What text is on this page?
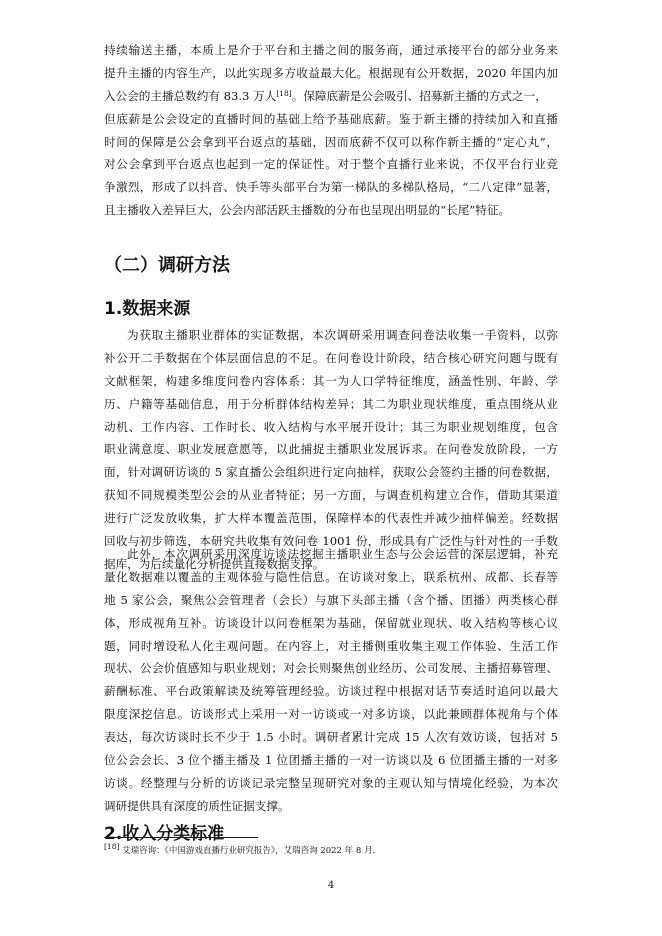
持续输送主播，本质上是介于平台和主播之间的服务商，通过承接平台的部分业务来
提升主播的内容生产，以此实现多方收益最大化。根据现有公开数据，2020 年国内加
入公会的主播总数约有 83.3 万人 [18] 。保障底薪是公会吸引、招募新主播的方式之一，
但底薪是公会设定的直播时间的基础上给予基础底薪。鉴于新主播的持续加入和直播
时间的保障是公会拿到平台返点的基础，因而底薪不仅可以称作新主播的“定心丸”，
对公会拿到平台返点也起到一定的保证性。对于整个直播行业来说，不仅平台行业竞
争激烈，形成了以抖音、快手等头部平台为第一梯队的多梯队格局，“二八定律”显著，
且主播收入差异巨大，公会内部活跃主播数的分布也呈现出明显的“长尾”特征。
（二）调研方法
1.数据来源
为获取主播职业群体的实证数据，本次调研采用调查问卷法收集一手资料，以弥
补公开二手数据在个体层面信息的不足。在问卷设计阶段，结合核心研究问题与既有
文献框架，构建多维度问卷内容体系：其一为人口学特征维度，涵盖性别、年龄、学
历、户籍等基础信息，用于分析群体结构差异；其二为职业现状维度，重点围绕从业
动机、工作内容、工作时长、收入结构与水平展开设计；其三为职业规划维度，包含
职业满意度、职业发展意愿等，以此捕捉主播职业发展诉求。在问卷发放阶段，一方
面，针对调研访谈的 5 家直播公会组织进行定向抽样，获取公会签约主播的问卷数据，
获知不同规模类型公会的从业者特征；另一方面，与调查机构建立合作，借助其渠道
进行广泛发放收集，扩大样本覆盖范围，保障样本的代表性并减少抽样偏差。经数据
回收与初步筛选，本研究共收集有效问卷 1001 份，形成具有广泛性与针对性的一手数
据库，为后续量化分析提供直接数据支撑。
此外，本次调研采用深度访谈法挖掘主播职业生态与公会运营的深层逻辑，补充
量化数据难以覆盖的主观体验与隐性信息。在访谈对象上，联系杭州、成都、长春等
地 5 家公会，聚焦公会管理者（会长）与旗下头部主播（含个播、团播）两类核心群
体，形成视角互补。访谈设计以问卷框架为基础，保留就业现状、收入结构等核心议
题，同时增设私人化主观问题。在内容上，对主播侧重收集主观工作体验、生活工作
现状、公会价值感知与职业规划；对会长则聚焦创业经历、公司发展、主播招募管理、
薪酬标准、平台政策解读及统筹管理经验。访谈过程中根据对话节奏适时追问以最大
限度深挖信息。访谈形式上采用一对一访谈或一对多访谈，以此兼顾群体视角与个体
表达，每次访谈时长不少于 1.5 小时。调研者累计完成 15 人次有效访谈，包括对 5
位公会会长、3 位个播主播及 1 位团播主播的一对一访谈以及 6 位团播主播的一对多
访谈。经整理与分析的访谈记录完整呈现研究对象的主观认知与情境化经验，为本次
调研提供具有深度的质性证据支撑。
2.收入分类标准
[18] 艾瑞咨询：《中国游戏直播行业研究报告》，艾瑞咨询 2022 年 8 月.
4
